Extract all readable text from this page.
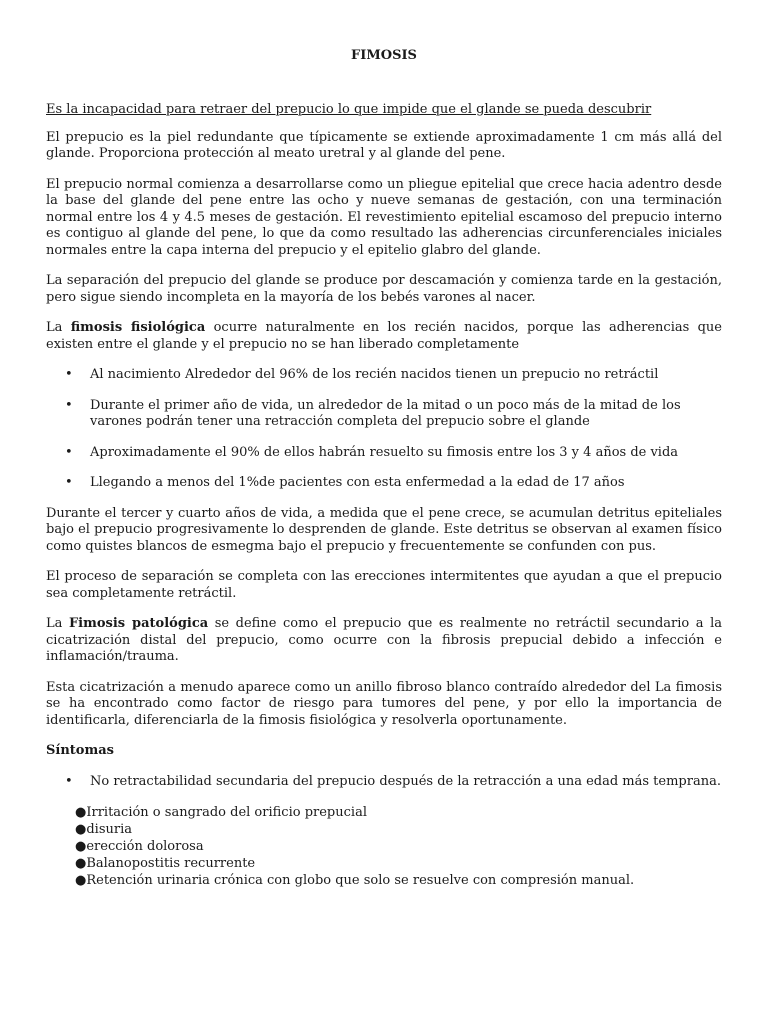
FIMOSIS

Es la incapacidad para retraer del prepucio lo que impide que el glande se pueda descubrir

El prepucio es la piel redundante que típicamente se extiende aproximadamente 1 cm más allá del glande. Proporciona protección al meato uretral y al glande del pene.

El prepucio normal comienza a desarrollarse como un pliegue epitelial que crece hacia adentro desde la base del glande del pene entre las ocho y nueve semanas de gestación, con una terminación normal entre los 4 y 4.5 meses de gestación. El revestimiento epitelial escamoso del prepucio interno es contiguo al glande del pene, lo que da como resultado las adherencias circunferenciales iniciales normales entre la capa interna del prepucio y el epitelio glabro del glande.

La separación del prepucio del glande se produce por descamación y comienza tarde en la gestación, pero sigue siendo incompleta en la mayoría de los bebés varones al nacer.

La fimosis fisiológica ocurre naturalmente en los recién nacidos, porque las adherencias que existen entre el glande y el prepucio no se han liberado completamente

• Al nacimiento Alrededor del 96% de los recién nacidos tienen un prepucio no retráctil
• Durante el primer año de vida, un alrededor de la mitad o un poco más de la mitad de los varones podrán tener una retracción completa del prepucio sobre el glande
• Aproximadamente el 90% de ellos habrán resuelto su fimosis entre los 3 y 4 años de vida
• Llegando a menos del 1%de pacientes con esta enfermedad a la edad de 17 años

Durante el tercer y cuarto años de vida, a medida que el pene crece, se acumulan detritus epiteliales bajo el prepucio progresivamente lo desprenden de glande. Este detritus se observan al examen físico como quistes blancos de esmegma bajo el prepucio y frecuentemente se confunden con pus.

El proceso de separación se completa con las erecciones intermitentes que ayudan a que el prepucio sea completamente retráctil.

La Fimosis patológica se define como el prepucio que es realmente no retráctil secundario a la cicatrización distal del prepucio, como ocurre con la fibrosis prepucial debido a infección e inflamación/trauma.

Esta cicatrización a menudo aparece como un anillo fibroso blanco contraído alrededor del La fimosis se ha encontrado como factor de riesgo para tumores del pene, y por ello la importancia de identificarla, diferenciarla de la fimosis fisiológica y resolverla oportunamente.

Síntomas
• No retractabilidad secundaria del prepucio después de la retracción a una edad más temprana.
●Irritación o sangrado del orificio prepucial
●disuria
●erección dolorosa
●Balanopostitis recurrente
●Retención urinaria crónica con globo que solo se resuelve con compresión manual.
